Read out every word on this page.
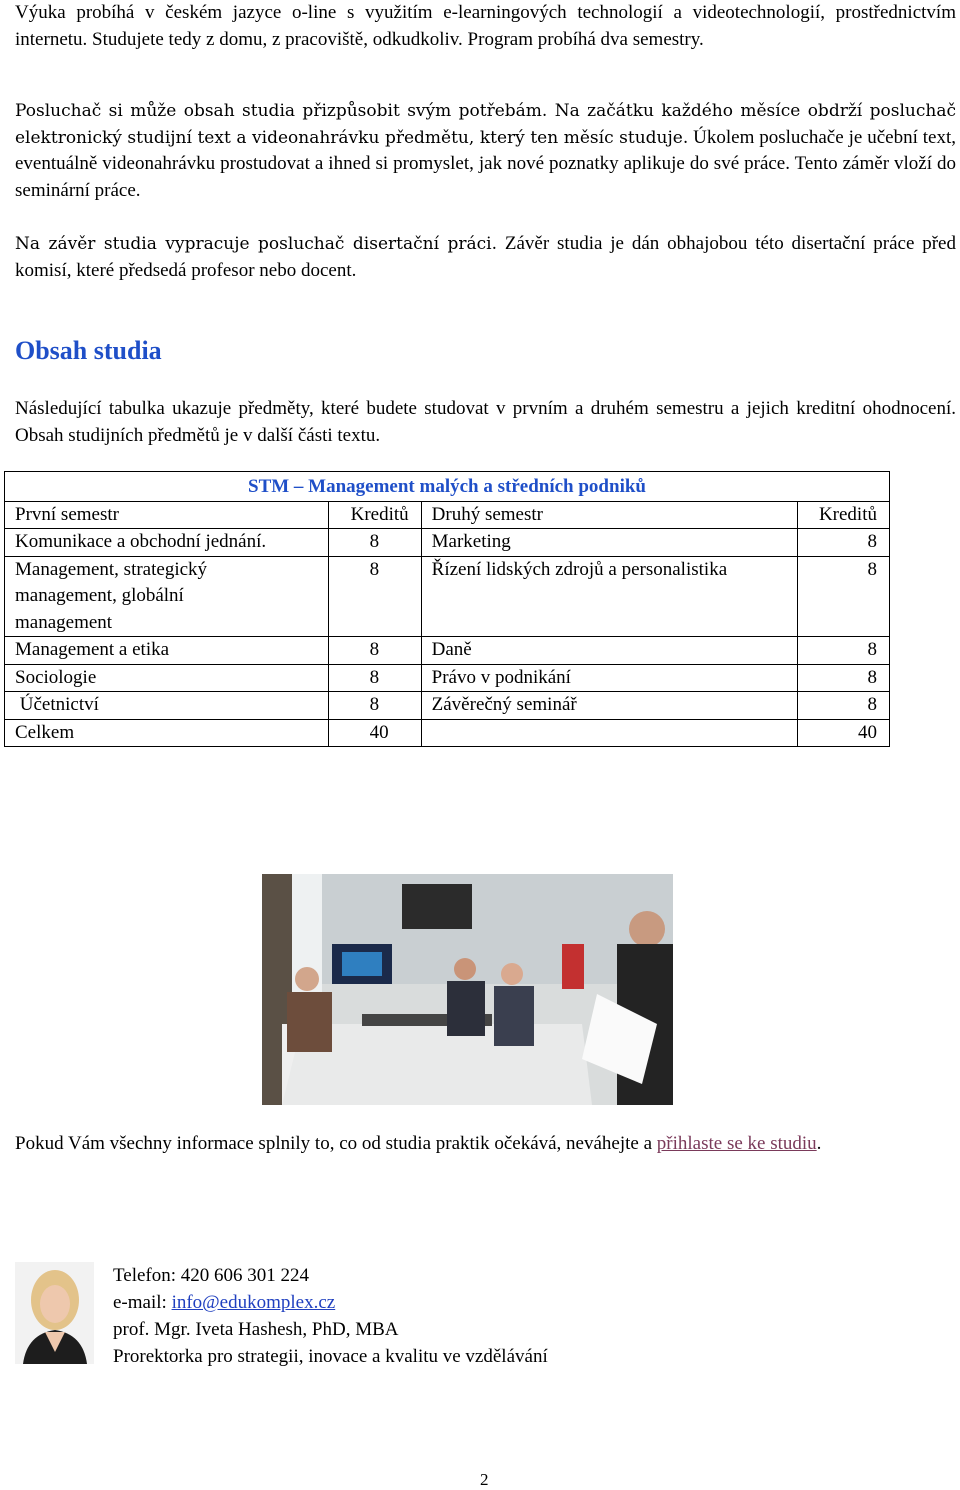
Výuka probíhá v českém jazyce o-line s využitím e-learningových technologií a videotechnologií, prostřednictvím internetu. Studujete tedy z domu, z pracoviště, odkudkoliv. Program probíhá dva semestry.

Posluchač si může obsah studia přizpůsobit svým potřebám. Na začátku každého měsíce obdrží posluchač elektronický studijní text a videonahrávku předmětu, který ten měsíc studuje. Úkolem posluchače je učební text, eventuálně videonahrávku prostudovat a ihned si promyslet, jak nové poznatky aplikuje do své práce. Tento záměr vloží do seminární práce.

Na závěr studia vypracuje posluchač disertační práci. Závěr studia je dán obhajobou této disertační práce před komisí, které předsedá profesor nebo docent.

Obsah studia

Následující tabulka ukazuje předměty, které budete studovat v prvním a druhém semestru a jejich kreditní ohodnocení. Obsah studijních předmětů je v další části textu.

STM – Management malých a středních podniků			
První semestr	Kreditů	Druhý semestr	Kreditů
Komunikace a obchodní jednání.	8	Marketing	8
Management, strategický management, globální management	8	Řízení lidských zdrojů a personalistika	8
Management a etika	8	Daně	8
Sociologie	8	Právo v podnikání	8
Účetnictví	8	Závěrečný seminář	8
Celkem	40		40

Pokud Vám všechny informace splnily to, co od studia praktik očekává, neváhejte a přihlaste se ke studiu.

Telefon: 420 606 301 224
e-mail: info@edukomplex.cz
prof. Mgr. Iveta Hashesh, PhD, MBA
Prorektorka pro strategii, inovace a kvalitu ve vzdělávání
2
